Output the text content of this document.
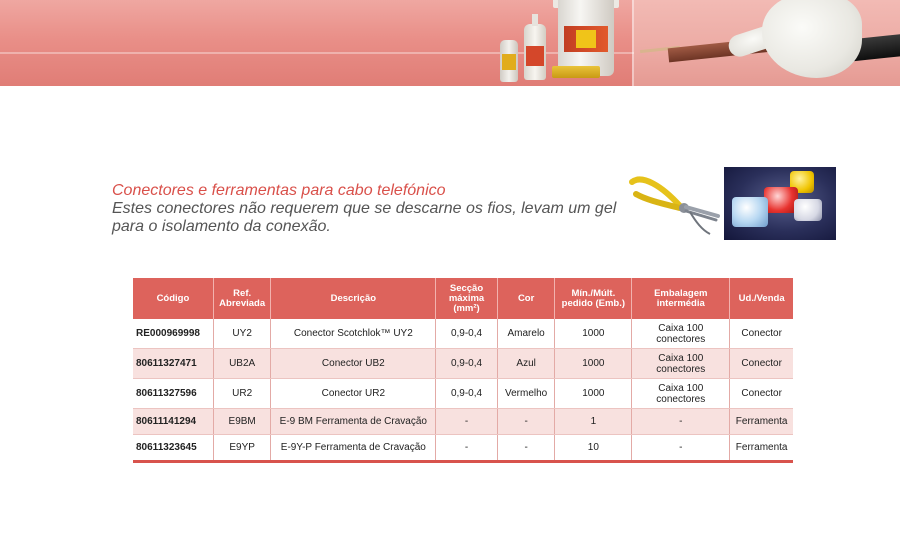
Conectores e ferramentas para cabo telefónico
Estes conectores não requerem que se descarne os fios, levam um gel
para o isolamento da conexão.
Código	Ref.
Abreviada	Descrição	Secção
máxima
(mm²)	Cor	Mín./Múlt.
pedido (Emb.)	Embalagem
intermédia	Ud./Venda
RE000969998	UY2	Conector Scotchlok™ UY2	0,9-0,4	Amarelo	1000	Caixa 100
conectores	Conector
80611327471	UB2A	Conector UB2	0,9-0,4	Azul	1000	Caixa 100
conectores	Conector
80611327596	UR2	Conector UR2	0,9-0,4	Vermelho	1000	Caixa 100
conectores	Conector
80611141294	E9BM	E-9 BM Ferramenta de Cravação	-	-	1	-	Ferramenta
80611323645	E9YP	E-9Y-P Ferramenta de Cravação	-	-	10	-	Ferramenta
